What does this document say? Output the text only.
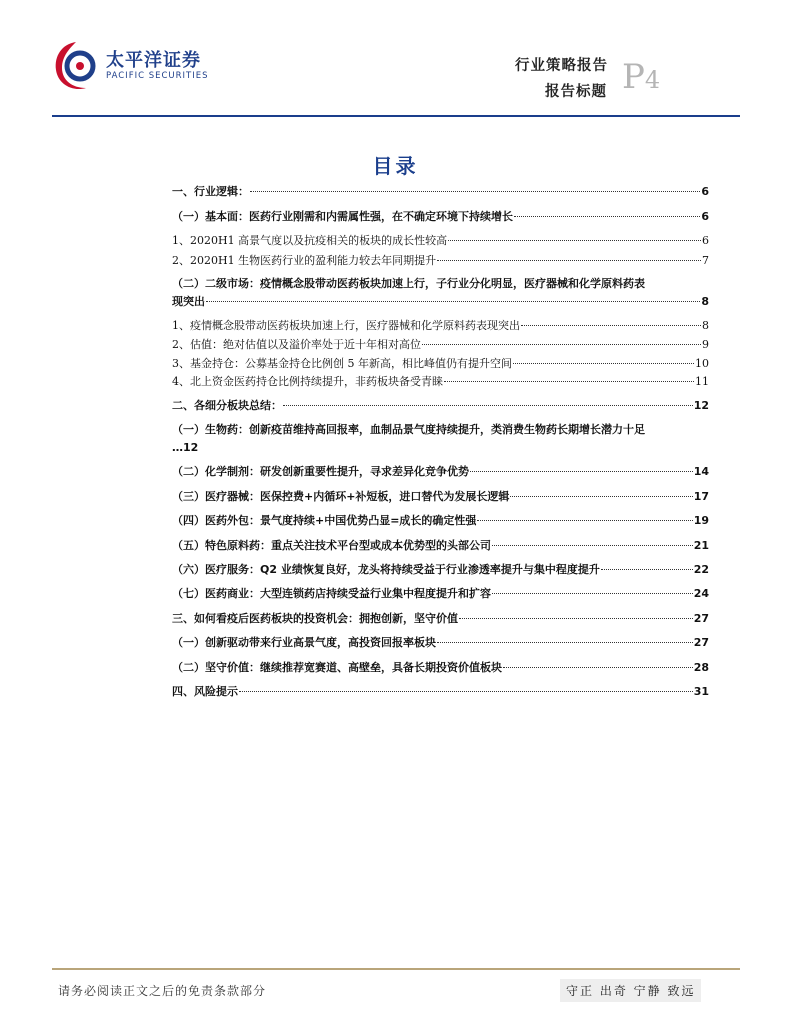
太平洋证券
PACIFIC SECURITIES
行业策略报告
报告标题 P4
目录
一、行业逻辑：	6
（一）基本面：医药行业刚需和内需属性强，在不确定环境下持续增长	6
1、2020H1 高景气度以及抗疫相关的板块的成长性较高	6
2、2020H1 生物医药行业的盈利能力较去年同期提升	7
（二）二级市场：疫情概念股带动医药板块加速上行，子行业分化明显，医疗器械和化学原料药表
现突出	8
1、疫情概念股带动医药板块加速上行，医疗器械和化学原料药表现突出	8
2、估值：绝对估值以及溢价率处于近十年相对高位	9
3、基金持仓：公募基金持仓比例创 5 年新高，相比峰值仍有提升空间	10
4、北上资金医药持仓比例持续提升，非药板块备受青睐	11
二、各细分板块总结：	12
（一）生物药：创新疫苗维持高回报率，血制品景气度持续提升，类消费生物药长期增长潜力十足
…12
（二）化学制剂：研发创新重要性提升，寻求差异化竞争优势	14
（三）医疗器械：医保控费+内循环+补短板，进口替代为发展长逻辑	17
（四）医药外包：景气度持续+中国优势凸显=成长的确定性强	19
（五）特色原料药：重点关注技术平台型或成本优势型的头部公司	21
（六）医疗服务：Q2 业绩恢复良好，龙头将持续受益于行业渗透率提升与集中程度提升	22
（七）医药商业：大型连锁药店持续受益行业集中程度提升和扩容	24
三、如何看疫后医药板块的投资机会：拥抱创新，坚守价值	27
（一）创新驱动带来行业高景气度，高投资回报率板块	27
（二）坚守价值：继续推荐宽赛道、高壁垒，具备长期投资价值板块	28
四、风险提示	31
请务必阅读正文之后的免责条款部分	守正 出奇 宁静 致远
